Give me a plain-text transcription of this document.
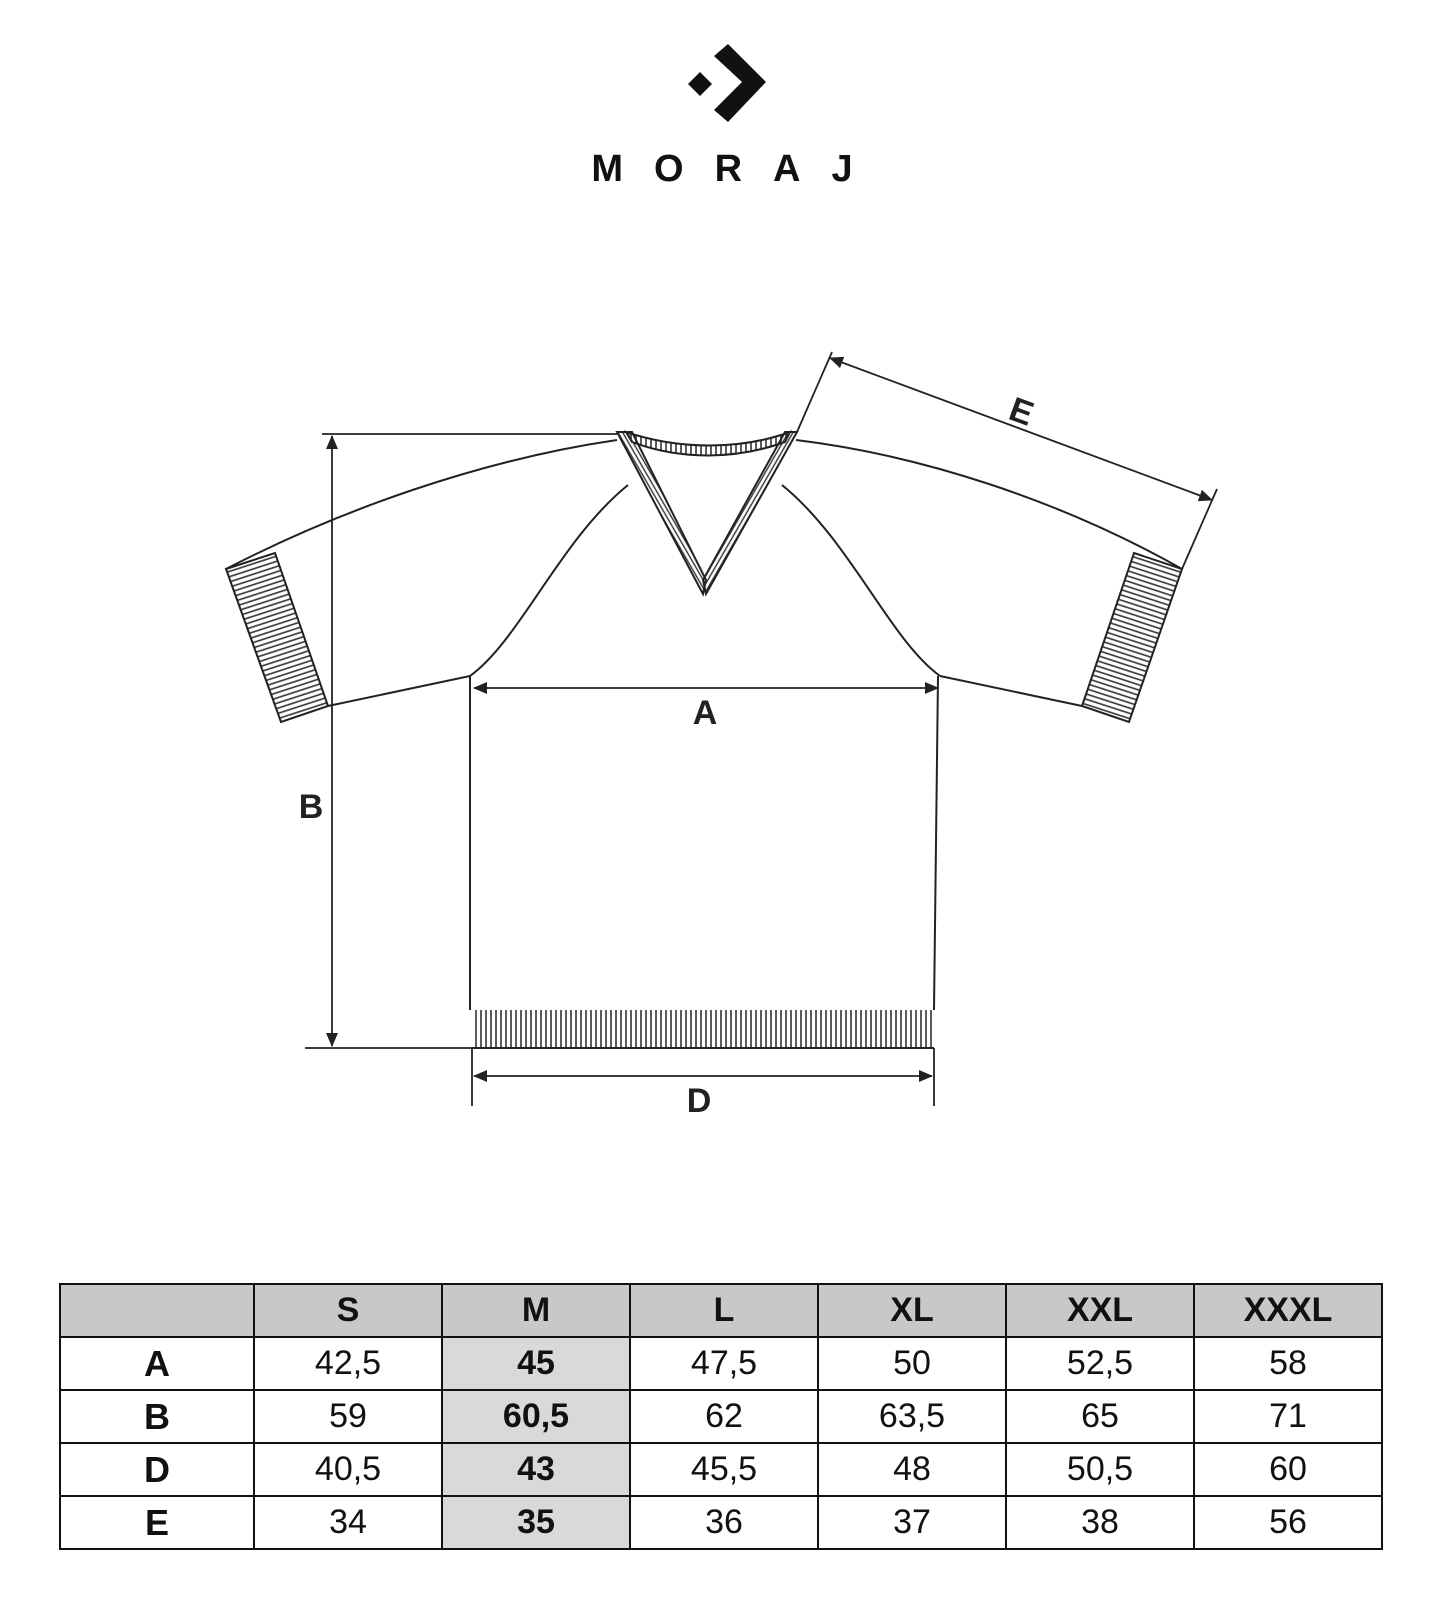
MORAJ
A
B
D
E
	S	M	L	XL	XXL	XXXL
A	42,5	45	47,5	50	52,5	58
B	59	60,5	62	63,5	65	71
D	40,5	43	45,5	48	50,5	60
E	34	35	36	37	38	56
